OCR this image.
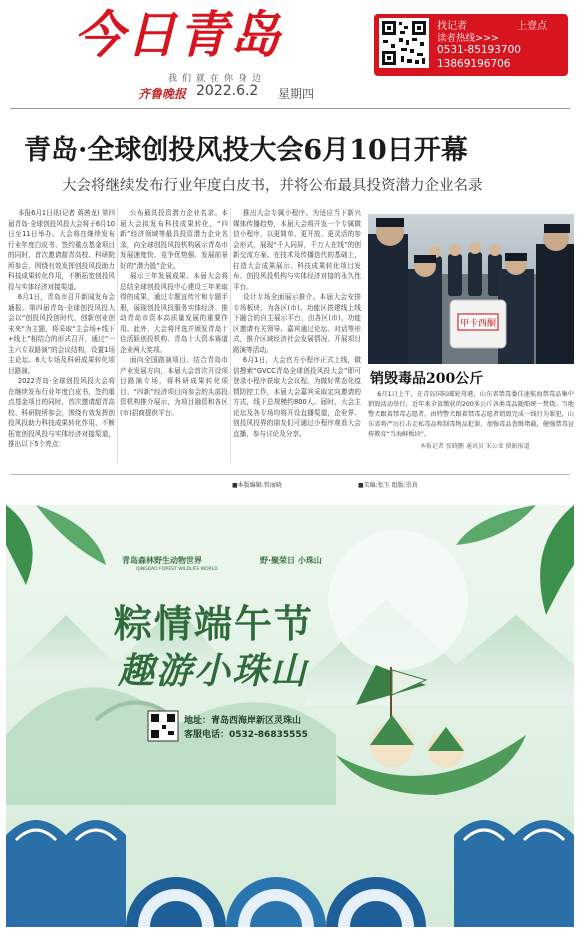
今日青岛
我们就在你身边
齐鲁晚报 2022.6.2 星期四
找记者	上壹点
读者热线>>>
0531-85193700
13869196706
青岛·全球创投风投大会6月10日开幕
大会将继续发布行业年度白皮书，并将公布最具投资潜力企业名录

本报6月1日讯(记者 蒋茜龙) 第四届青岛·全球创投风投大会将于6月10日至11日举办。大会将在继续发布行业年度白皮书、签约重点基金项目的同时，首次邀请甜青高校、科研院所参会，围绕有效发挥创投风投助力科技成果转化作用，不断拓宽创投风投与实体经济对接渠道。

6月1日，青岛市召开新闻发布会通报。第四届青岛·全球创投风投大会以“创投风投创时代，创新创业创未来”为主题，将采取“主会场+线下+线上”相结合的形式召开，通过“一主六专双路演”的会议结构，设置1场主论坛、6大专场及科研成果转化项目路演。

2022青岛·全球创投风投大会将在继续发布行业年度白皮书，签约重点基金项目的同时，首次邀请甜青高校、科研院所参会，围绕有效发挥创投风投助力科技成果转化作用，不断拓宽创投风投与实体经济对接渠道，推出以下5个亮点：

公布最具投资潜力企业名录。本届大会拟发布科技成果转化，“四新”经济领域等最具投资潜力企业名录，向全球创投风投机构展示青岛市发展速度快、竞争优势强、发展前景好的“潜力股”企业。

展示三年发展成果。本届大会将总结全球创投风投中心建设三年来取得的成果，通过专题宣传片和专题手册，展现创投风投服务实体经济、推动青岛市资本高质量发展的重要作用。此外，大会将评选并颁发青岛十佳活跃创投机构、青岛十大资本赛道企业两大奖项。

面向全国路演项目。结合青岛市产业发展方向，本届大会首次开设项目路演专场，将科研成果转化项目、“四新”经济项目向参会的头部投资机构推介展示，为项目融资和各区(市)招商提供平台。

推出大会专属小程序。为适应当下新兴媒体传播趋势，本届大会将开发一个专属微信小程序，以更简单、更开放、更灵活的参会形式，展现“千人同屏，千万人在线”的创新交流方案。在技术及传播迭代的基础上，打造大会成果展示、科技成果转化项目发布、创投风投机构与实体经济对接的永久性平台。

设计专场全面展示推介。本届大会安排专场板块，为各区(市)、功能区搭建线上线下融合的自主展示平台，由各区(市)、功能区邀请有关领导、嘉宾通过论坛、对话等形式，推介区域经济社会发展情况、开展项目路演等活动。

6月1日，大会官方小程序正式上线，微信搜索“GVCC青岛全球创投风投大会”即可登录小程序获取大会议程。为做好常态化疫情防控工作，本届大会嘉宾采取定向邀请的方式，线下总规模约800人。届时，大会主论坛及各专场均将开设直播渠道，企业界、创投风投界的朋友们可通过小程序观看大会直播，参与讨论及分享。

甲卡西酮
销毁毒品200公斤
6月1日上午，在青岛国际邮轮母港，山东省禁毒委佳速航海禁毒品集中销毁活动举行，近年来全省缴获的200多公斤各类毒品随船统一焚烧。当地警犬跟着禁毒志愿者。由特警犬跟着禁毒志愿者销毁完成一线行为罪犯，山东省将严厉打击走私毒品和制毒物品犯罪，加强毒品查缉堵截，健强禁毒宣传教育“当海鲜板块”。
本报记者 张晓鹏 通讯员 宋公亚 摄影报道
■本版编辑:管丽晓	■美编:张玉 组版:崇真
青岛森林野生动物世界
QINGDAO FOREST WILDLIFE WORLD
野·聚荣日 小珠山
粽情端午节
趣游小珠山
地址：青岛西海岸新区灵珠山
客服电话：0532-86835555
